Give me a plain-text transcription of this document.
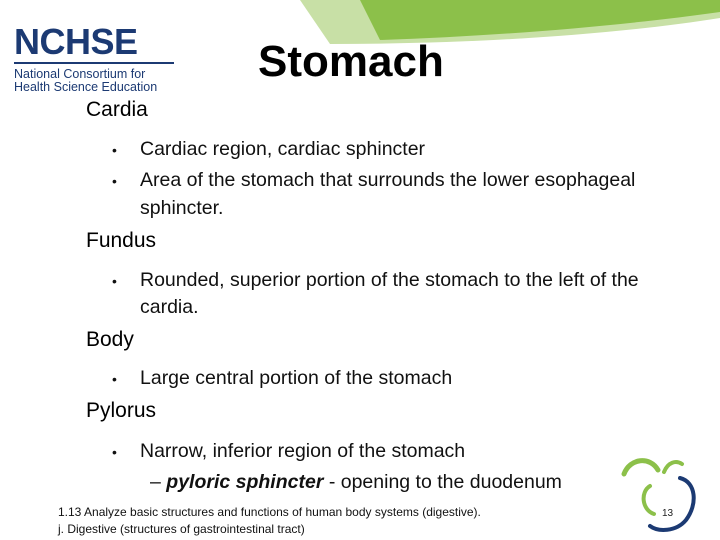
NCHSE
National Consortium for
Health Science Education
Stomach
Cardia
• Cardiac region, cardiac sphincter
• Area of the stomach that surrounds the lower esophageal
sphincter.
Fundus
• Rounded, superior portion of the stomach to the left of the
cardia.
Body
• Large central portion of the stomach
Pylorus
• Narrow, inferior region of the stomach
– pyloric sphincter - opening to the duodenum
1.13 Analyze basic structures and functions of human body systems (digestive).
j. Digestive (structures of gastrointestinal tract)
13
